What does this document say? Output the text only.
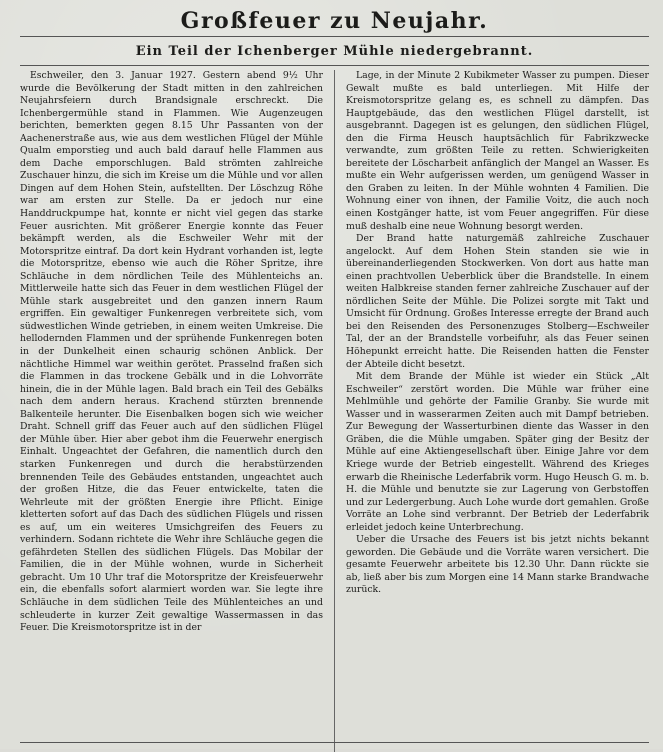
Großfeuer zu Neujahr.
Ein Teil der Ichenberger Mühle niedergebrannt.

Eschweiler, den 3. Januar 1927. Gestern abend 9½ Uhr wurde die Bevölkerung der Stadt mitten in den zahlreichen Neujahrsfeiern durch Brandsignale erschreckt. Die Ichenbergermühle stand in Flammen. Wie Augenzeugen berichten, bemerkten gegen 8.15 Uhr Passanten von der Aachenerstraße aus, wie aus dem westlichen Flügel der Mühle Qualm emporstieg und auch bald darauf helle Flammen aus dem Dache emporschlugen. Bald strömten zahlreiche Zuschauer hinzu, die sich im Kreise um die Mühle und vor allen Dingen auf dem Hohen Stein, aufstellten. Der Löschzug Röhe war am ersten zur Stelle. Da er jedoch nur eine Handdruckpumpe hat, konnte er nicht viel gegen das starke Feuer ausrichten. Mit größerer Energie konnte das Feuer bekämpft werden, als die Eschweiler Wehr mit der Motorspritze eintraf. Da dort kein Hydrant vorhanden ist, legte die Motorspritze, ebenso wie auch die Röher Spritze, ihre Schläuche in dem nördlichen Teile des Mühlenteichs an. Mittlerweile hatte sich das Feuer in dem westlichen Flügel der Mühle stark ausgebreitet und den ganzen innern Raum ergriffen. Ein gewaltiger Funkenregen verbreitete sich, vom südwestlichen Winde getrieben, in einem weiten Umkreise. Die hellodernden Flammen und der sprühende Funkenregen boten in der Dunkelheit einen schaurig schönen Anblick. Der nächtliche Himmel war weithin gerötet. Prasselnd fraßen sich die Flammen in das trockene Gebälk und in die Lohvorräte hinein, die in der Mühle lagen. Bald brach ein Teil des Gebälks nach dem andern heraus. Krachend stürzten brennende Balkenteile herunter. Die Eisenbalken bogen sich wie weicher Draht. Schnell griff das Feuer auch auf den südlichen Flügel der Mühle über. Hier aber gebot ihm die Feuerwehr energisch Einhalt. Ungeachtet der Gefahren, die namentlich durch den starken Funkenregen und durch die herabstürzenden brennenden Teile des Gebäudes entstanden, ungeachtet auch der großen Hitze, die das Feuer entwickelte, taten die Wehrleute mit der größten Energie ihre Pflicht. Einige kletterten sofort auf das Dach des südlichen Flügels und rissen es auf, um ein weiteres Umsichgreifen des Feuers zu verhindern. Sodann richtete die Wehr ihre Schläuche gegen die gefährdeten Stellen des südlichen Flügels. Das Mobilar der Familien, die in der Mühle wohnen, wurde in Sicherheit gebracht. Um 10 Uhr traf die Motorspritze der Kreisfeuerwehr ein, die ebenfalls sofort alarmiert worden war. Sie legte ihre Schläuche in dem südlichen Teile des Mühlenteiches an und schleuderte in kurzer Zeit gewaltige Wassermassen in das Feuer. Die Kreismotorspritze ist in der

Lage, in der Minute 2 Kubikmeter Wasser zu pumpen. Dieser Gewalt mußte es bald unterliegen. Mit Hilfe der Kreismotorspritze gelang es, es schnell zu dämpfen. Das Hauptgebäude, das den westlichen Flügel darstellt, ist ausgebrannt. Dagegen ist es gelungen, den südlichen Flügel, den die Firma Heusch hauptsächlich für Fabrikzwecke verwandte, zum größten Teile zu retten. Schwierigkeiten bereitete der Löscharbeit anfänglich der Mangel an Wasser. Es mußte ein Wehr aufgerissen werden, um genügend Wasser in den Graben zu leiten. In der Mühle wohnten 4 Familien. Die Wohnung einer von ihnen, der Familie Voitz, die auch noch einen Kostgänger hatte, ist vom Feuer angegriffen. Für diese muß deshalb eine neue Wohnung besorgt werden.

Der Brand hatte naturgemäß zahlreiche Zuschauer angelockt. Auf dem Hohen Stein standen sie wie in übereinanderliegenden Stockwerken. Von dort aus hatte man einen prachtvollen Ueberblick über die Brandstelle. In einem weiten Halbkreise standen ferner zahlreiche Zuschauer auf der nördlichen Seite der Mühle. Die Polizei sorgte mit Takt und Umsicht für Ordnung. Großes Interesse erregte der Brand auch bei den Reisenden des Personenzuges Stolberg—Eschweiler Tal, der an der Brandstelle vorbeifuhr, als das Feuer seinen Höhepunkt erreicht hatte. Die Reisenden hatten die Fenster der Abteile dicht besetzt.

Mit dem Brande der Mühle ist wieder ein Stück „Alt Eschweiler“ zerstört worden. Die Mühle war früher eine Mehlmühle und gehörte der Familie Granby. Sie wurde mit Wasser und in wasserarmen Zeiten auch mit Dampf betrieben. Zur Bewegung der Wasserturbinen diente das Wasser in den Gräben, die die Mühle umgaben. Später ging der Besitz der Mühle auf eine Aktiengesellschaft über. Einige Jahre vor dem Kriege wurde der Betrieb eingestellt. Während des Krieges erwarb die Rheinische Lederfabrik vorm. Hugo Heusch G. m. b. H. die Mühle und benutzte sie zur Lagerung von Gerbstoffen und zur Ledergerbung. Auch Lohe wurde dort gemahlen. Große Vorräte an Lohe sind verbrannt. Der Betrieb der Lederfabrik erleidet jedoch keine Unterbrechung.

Ueber die Ursache des Feuers ist bis jetzt nichts bekannt geworden. Die Gebäude und die Vorräte waren versichert. Die gesamte Feuerwehr arbeitete bis 12.30 Uhr. Dann rückte sie ab, ließ aber bis zum Morgen eine 14 Mann starke Brandwache zurück.
